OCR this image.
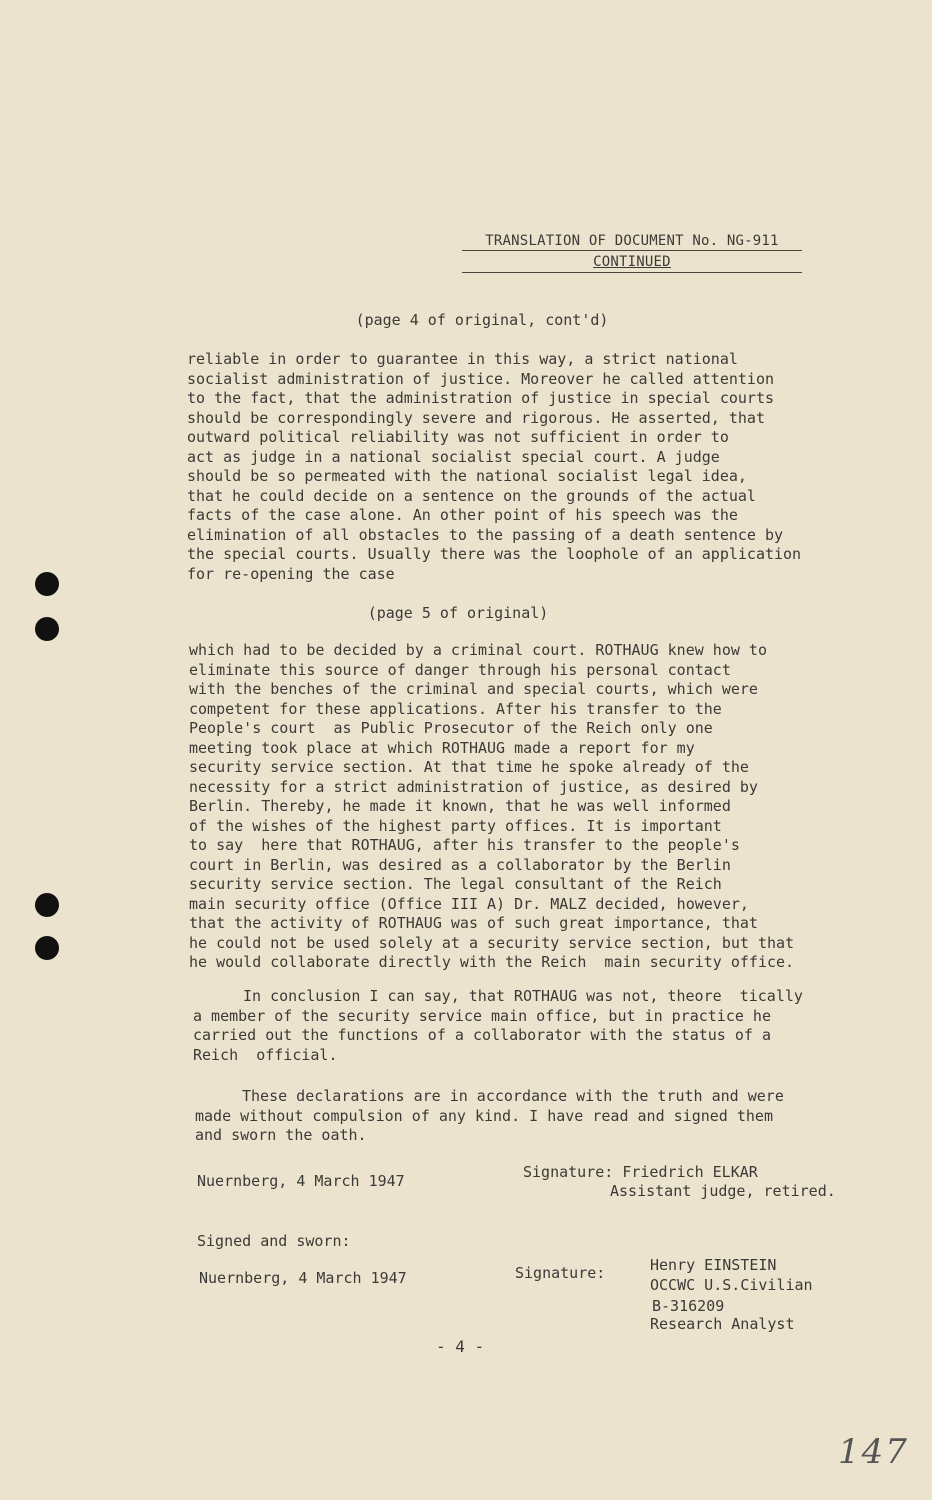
TRANSLATION OF DOCUMENT No. NG-911
CONTINUED
(page 4 of original, cont'd)
reliable in order to guarantee in this way, a strict national
socialist administration of justice. Moreover he called attention
to the fact, that the administration of justice in special courts
should be correspondingly severe and rigorous. He asserted, that
outward political reliability was not sufficient in order to
act as judge in a national socialist special court. A judge
should be so permeated with the national socialist legal idea,
that he could decide on a sentence on the grounds of the actual
facts of the case alone. An other point of his speech was the
elimination of all obstacles to the passing of a death sentence by
the special courts. Usually there was the loophole of an application
for re-opening the case
(page 5 of original)
which had to be decided by a criminal court. ROTHAUG knew how to
eliminate this source of danger through his personal contact
with the benches of the criminal and special courts, which were
competent for these applications. After his transfer to the
People's court  as Public Prosecutor of the Reich only one
meeting took place at which ROTHAUG made a report for my
security service section. At that time he spoke already of the
necessity for a strict administration of justice, as desired by
Berlin. Thereby, he made it known, that he was well informed
of the wishes of the highest party offices. It is important
to say  here that ROTHAUG, after his transfer to the people's
court in Berlin, was desired as a collaborator by the Berlin
security service section. The legal consultant of the Reich
main security office (Office III A) Dr. MALZ decided, however,
that the activity of ROTHAUG was of such great importance, that
he could not be used solely at a security service section, but that
he would collaborate directly with the Reich  main security office.
In conclusion I can say, that ROTHAUG was not, theore  tically
a member of the security service main office, but in practice he
carried out the functions of a collaborator with the status of a
Reich  official.
These declarations are in accordance with the truth and were
made without compulsion of any kind. I have read and signed them
and sworn the oath.
Nuernberg, 4 March 1947	Signature: Friedrich ELKAR
Assistant judge, retired.
Signed and sworn:
Nuernberg, 4 March 1947	Signature:	Henry EINSTEIN
OCCWC U.S.Civilian
B-316209
Research Analyst
- 4 -
147
